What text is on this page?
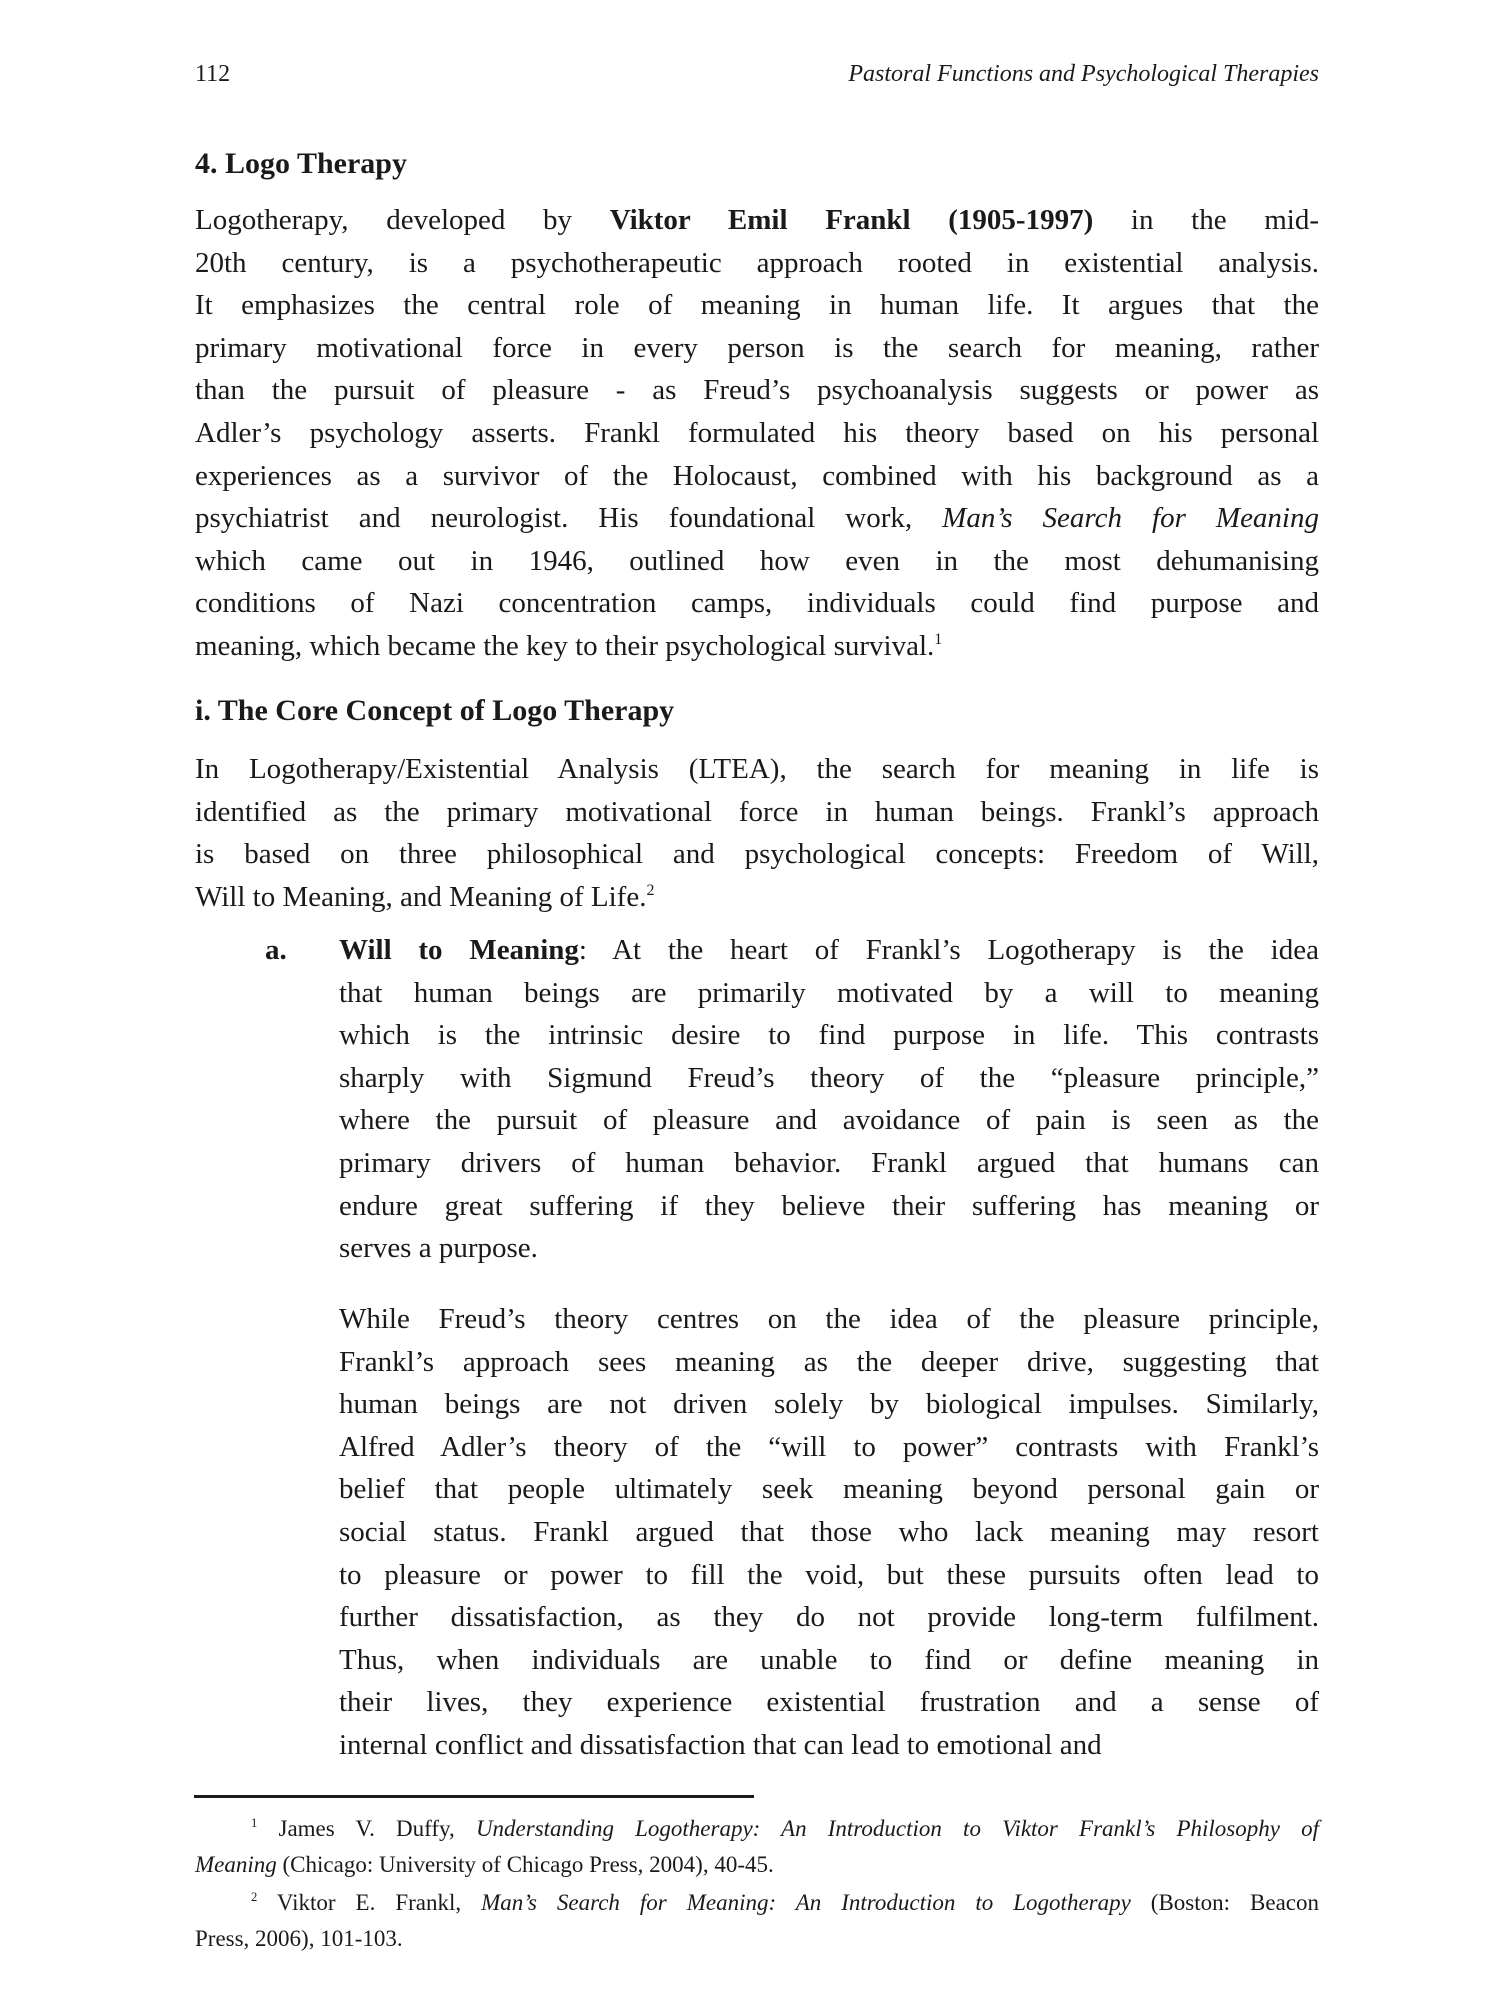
112	Pastoral Functions and Psychological Therapies
4. Logo Therapy
Logotherapy, developed by Viktor Emil Frankl (1905-1997) in the mid-
20th century, is a psychotherapeutic approach rooted in existential analysis.
It emphasizes the central role of meaning in human life. It argues that the
primary motivational force in every person is the search for meaning, rather
than the pursuit of pleasure - as Freud’s psychoanalysis suggests or power as
Adler’s psychology asserts. Frankl formulated his theory based on his personal
experiences as a survivor of the Holocaust, combined with his background as a
psychiatrist and neurologist. His foundational work, Man’s Search for Meaning
which came out in 1946, outlined how even in the most dehumanising
conditions of Nazi concentration camps, individuals could find purpose and
meaning, which became the key to their psychological survival.$^1$
i. The Core Concept of Logo Therapy
In Logotherapy/Existential Analysis (LTEA), the search for meaning in life is
identified as the primary motivational force in human beings. Frankl’s approach
is based on three philosophical and psychological concepts: Freedom of Will,
Will to Meaning, and Meaning of Life.$^2$
a. Will to Meaning: At the heart of Frankl’s Logotherapy is the idea
that human beings are primarily motivated by a will to meaning
which is the intrinsic desire to find purpose in life. This contrasts
sharply with Sigmund Freud’s theory of the “pleasure principle,”
where the pursuit of pleasure and avoidance of pain is seen as the
primary drivers of human behavior. Frankl argued that humans can
endure great suffering if they believe their suffering has meaning or
serves a purpose.
While Freud’s theory centres on the idea of the pleasure principle,
Frankl’s approach sees meaning as the deeper drive, suggesting that
human beings are not driven solely by biological impulses. Similarly,
Alfred Adler’s theory of the “will to power” contrasts with Frankl’s
belief that people ultimately seek meaning beyond personal gain or
social status. Frankl argued that those who lack meaning may resort
to pleasure or power to fill the void, but these pursuits often lead to
further dissatisfaction, as they do not provide long-term fulfilment.
Thus, when individuals are unable to find or define meaning in
their lives, they experience existential frustration and a sense of
internal conflict and dissatisfaction that can lead to emotional and
$^1$ James V. Duffy, Understanding Logotherapy: An Introduction to Viktor Frankl’s Philosophy of
Meaning (Chicago: University of Chicago Press, 2004), 40-45.
$^2$ Viktor E. Frankl, Man’s Search for Meaning: An Introduction to Logotherapy (Boston: Beacon
Press, 2006), 101-103.
